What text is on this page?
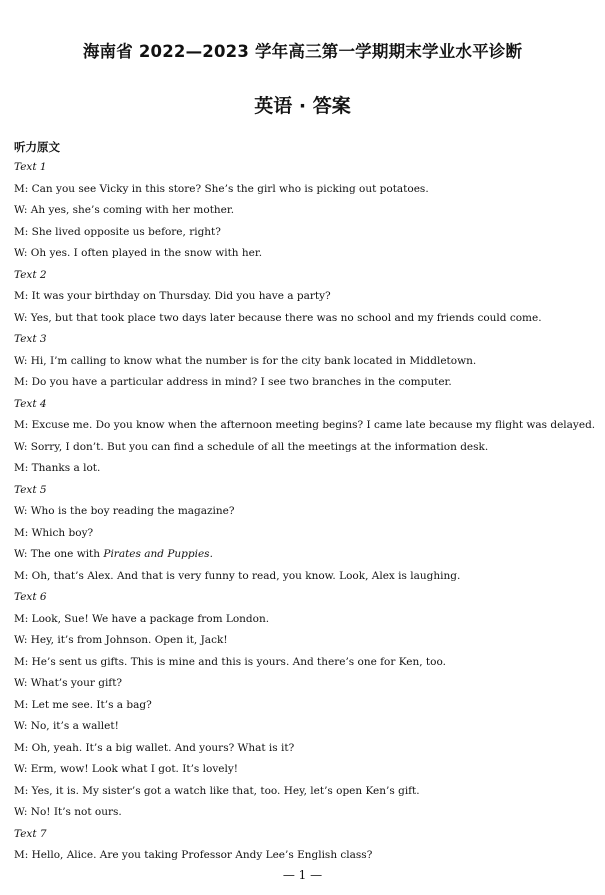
海南省 2022—2023 学年高三第一学期期末学业水平诊断
英语 · 答案
听力原文
Text 1
M: Can you see Vicky in this store? She’s the girl who is picking out potatoes.
W: Ah yes, she’s coming with her mother.
M: She lived opposite us before, right?
W: Oh yes. I often played in the snow with her.
Text 2
M: It was your birthday on Thursday. Did you have a party?
W: Yes, but that took place two days later because there was no school and my friends could come.
Text 3
W: Hi, I’m calling to know what the number is for the city bank located in Middletown.
M: Do you have a particular address in mind? I see two branches in the computer.
Text 4
M: Excuse me. Do you know when the afternoon meeting begins? I came late because my flight was delayed.
W: Sorry, I don’t. But you can find a schedule of all the meetings at the information desk.
M: Thanks a lot.
Text 5
W: Who is the boy reading the magazine?
M: Which boy?
W: The one with Pirates and Puppies.
M: Oh, that’s Alex. And that is very funny to read, you know. Look, Alex is laughing.
Text 6
M: Look, Sue! We have a package from London.
W: Hey, it’s from Johnson. Open it, Jack!
M: He’s sent us gifts. This is mine and this is yours. And there’s one for Ken, too.
W: What’s your gift?
M: Let me see. It’s a bag?
W: No, it’s a wallet!
M: Oh, yeah. It’s a big wallet. And yours? What is it?
W: Erm, wow! Look what I got. It’s lovely!
M: Yes, it is. My sister’s got a watch like that, too. Hey, let’s open Ken’s gift.
W: No! It’s not ours.
Text 7
M: Hello, Alice. Are you taking Professor Andy Lee’s English class?
— 1 —
